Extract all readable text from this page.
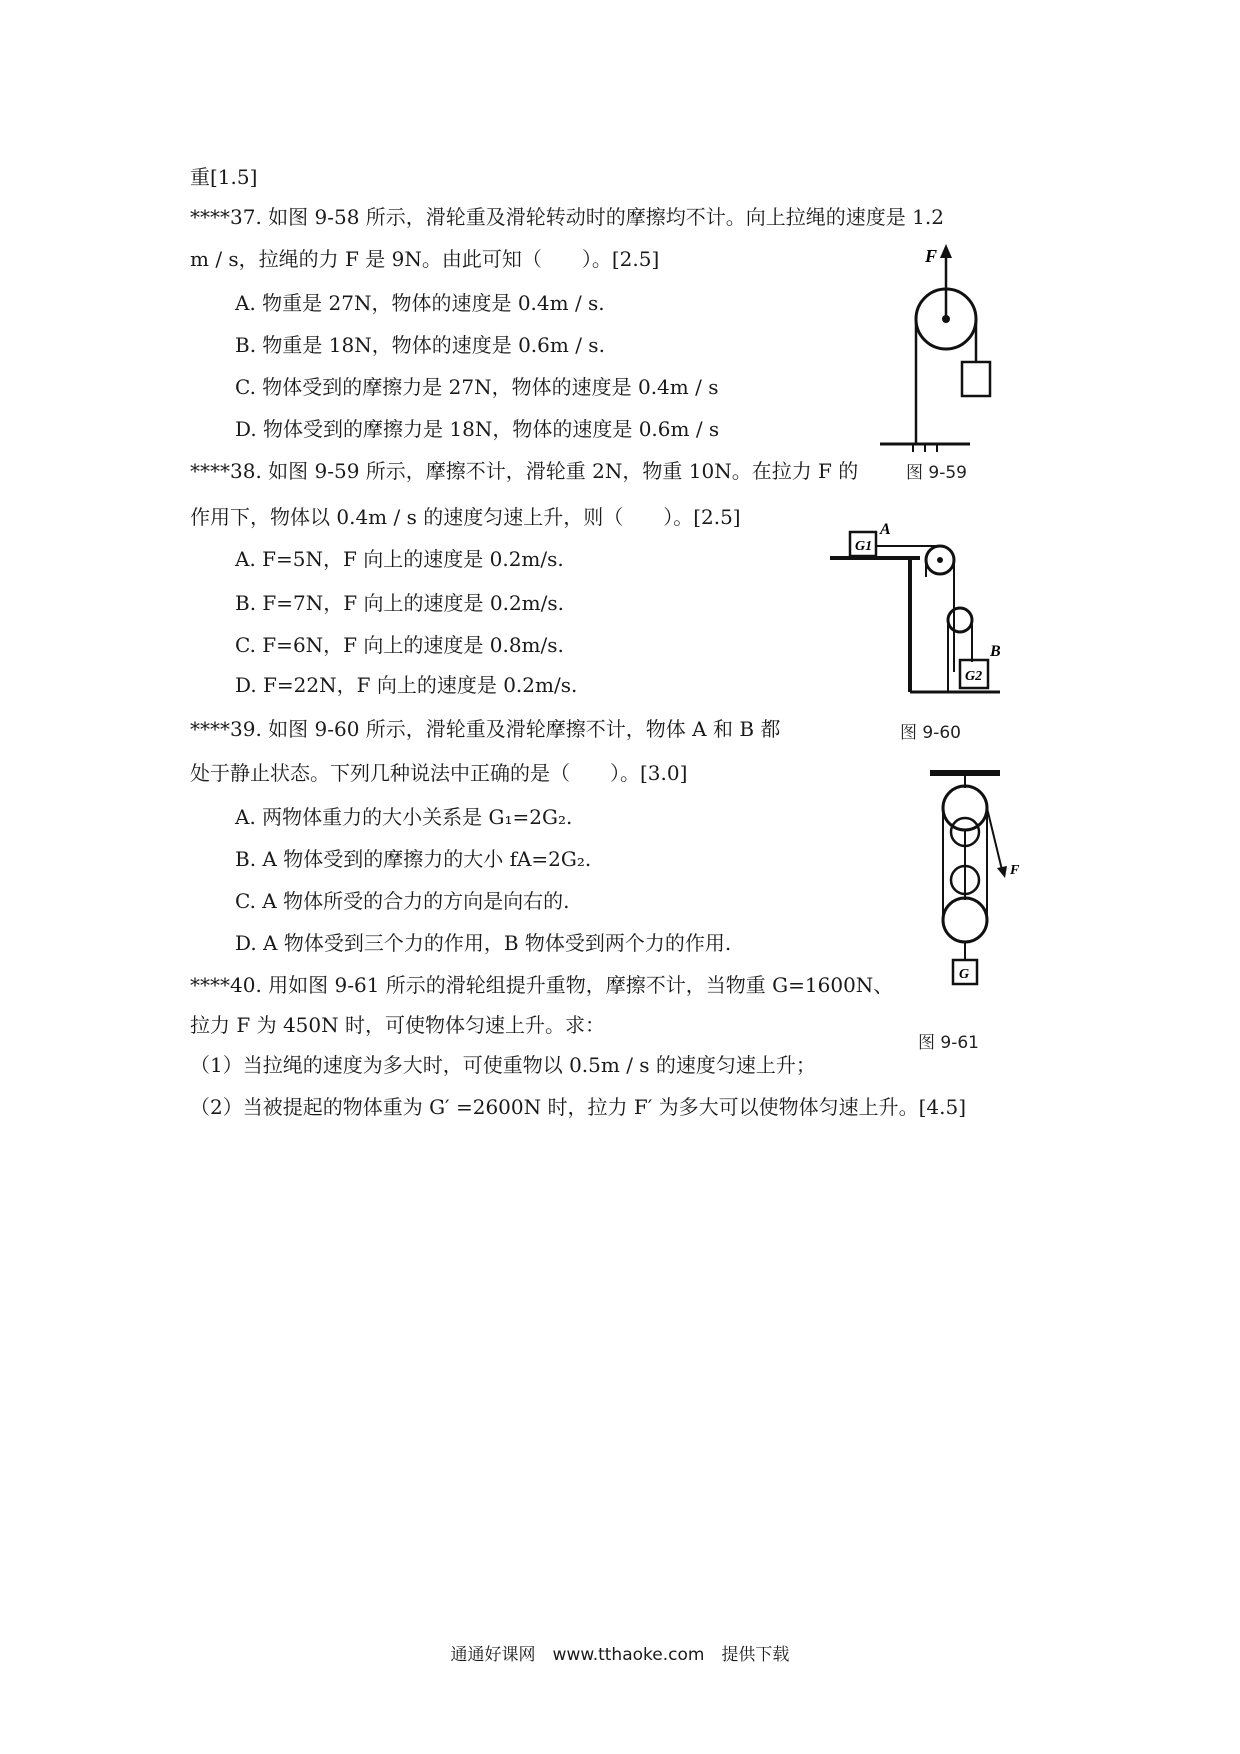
重[1.5]
****37. 如图 9-58 所示，滑轮重及滑轮转动时的摩擦均不计。向上拉绳的速度是 1.2
m / s，拉绳的力 F 是 9N。由此可知（　　）。[2.5]
A. 物重是 27N，物体的速度是 0.4m / s.
B. 物重是 18N，物体的速度是 0.6m / s.
C. 物体受到的摩擦力是 27N，物体的速度是 0.4m / s
D. 物体受到的摩擦力是 18N，物体的速度是 0.6m / s
****38. 如图 9-59 所示，摩擦不计，滑轮重 2N，物重 10N。在拉力 F 的
作用下，物体以 0.4m / s 的速度匀速上升，则（　　）。[2.5]
A. F=5N，F 向上的速度是 0.2m/s.
B. F=7N，F 向上的速度是 0.2m/s.
C. F=6N，F 向上的速度是 0.8m/s.
D. F=22N，F 向上的速度是 0.2m/s.
****39. 如图 9-60 所示，滑轮重及滑轮摩擦不计，物体 A 和 B 都
处于静止状态。下列几种说法中正确的是（　　）。[3.0]
A. 两物体重力的大小关系是 G₁=2G₂.
B. A 物体受到的摩擦力的大小 fA=2G₂.
C. A 物体所受的合力的方向是向右的.
D. A 物体受到三个力的作用，B 物体受到两个力的作用.
****40. 用如图 9-61 所示的滑轮组提升重物，摩擦不计，当物重 G=1600N、
拉力 F 为 450N 时，可使物体匀速上升。求：
（1）当拉绳的速度为多大时，可使重物以 0.5m / s 的速度匀速上升；
（2）当被提起的物体重为 G′ =2600N 时，拉力 F′ 为多大可以使物体匀速上升。[4.5]
F
图 9-59
G1
A
G2
B
图 9-60
F
G
图 9-61
通通好课网　www.tthaoke.com　提供下载
